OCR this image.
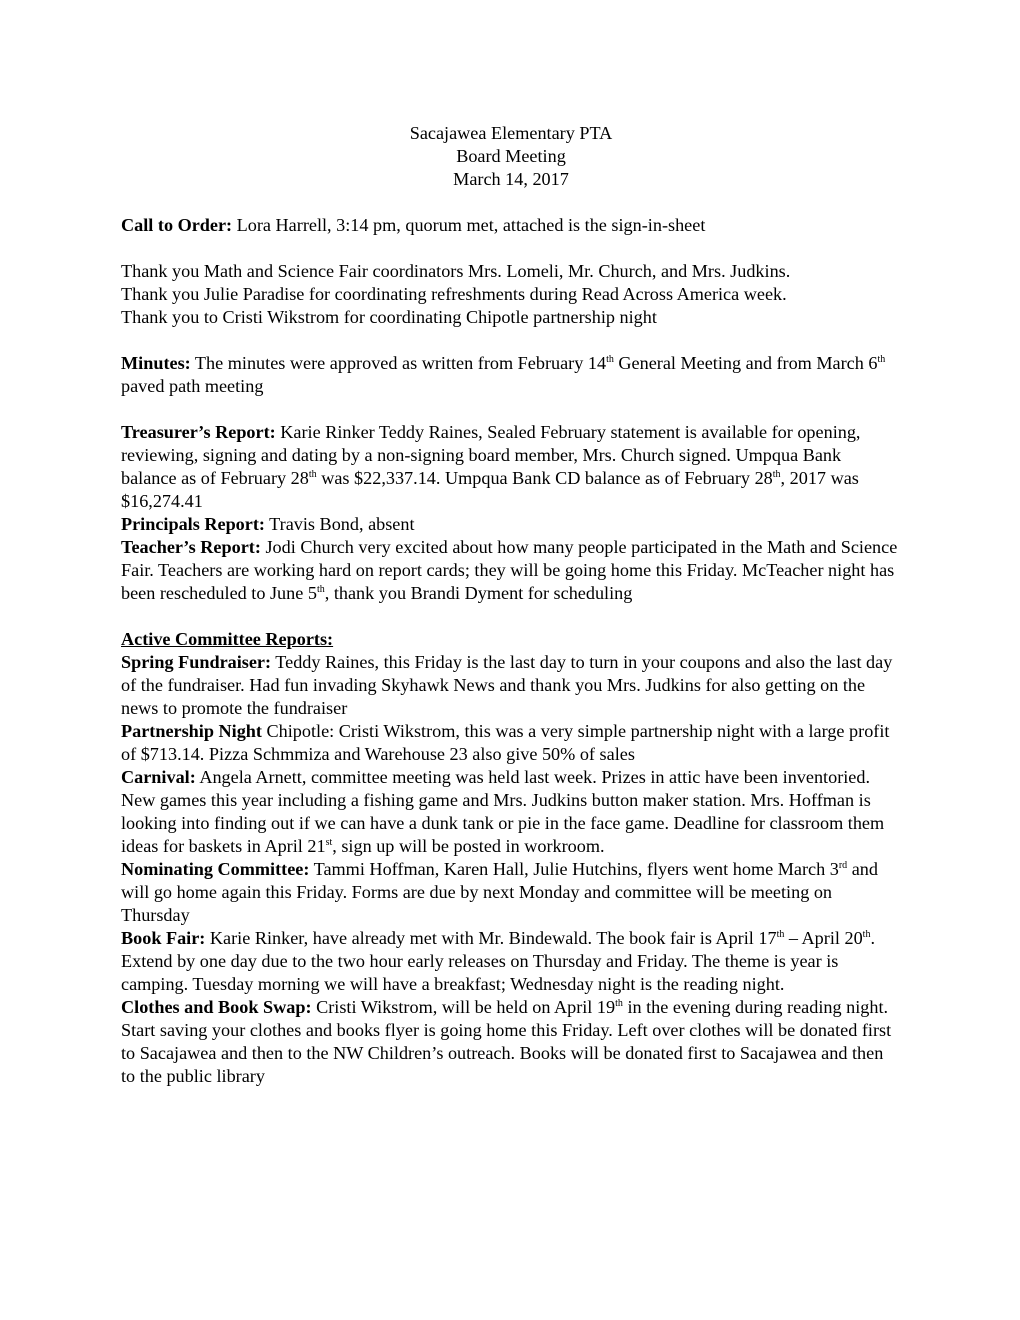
Sacajawea Elementary PTA

Board Meeting

March 14, 2017

Call to Order: Lora Harrell, 3:14 pm, quorum met, attached is the sign-in-sheet

Thank you Math and Science Fair coordinators Mrs. Lomeli, Mr. Church, and Mrs. Judkins.

Thank you Julie Paradise for coordinating refreshments during Read Across America week.

Thank you to Cristi Wikstrom for coordinating Chipotle partnership night

Minutes: The minutes were approved as written from February 14th General Meeting and from March 6th paved path meeting

Treasurer’s Report: Karie Rinker Teddy Raines, Sealed February statement is available for opening, reviewing, signing and dating by a non-signing board member, Mrs. Church signed. Umpqua Bank balance as of February 28th was $22,337.14. Umpqua Bank CD balance as of February 28th, 2017 was $16,274.41

Principals Report: Travis Bond, absent

Teacher’s Report: Jodi Church very excited about how many people participated in the Math and Science Fair. Teachers are working hard on report cards; they will be going home this Friday. McTeacher night has been rescheduled to June 5th, thank you Brandi Dyment for scheduling

Active Committee Reports:

Spring Fundraiser: Teddy Raines, this Friday is the last day to turn in your coupons and also the last day of the fundraiser. Had fun invading Skyhawk News and thank you Mrs. Judkins for also getting on the news to promote the fundraiser

Partnership Night Chipotle: Cristi Wikstrom, this was a very simple partnership night with a large profit of $713.14. Pizza Schmmiza and Warehouse 23 also give 50% of sales

Carnival: Angela Arnett, committee meeting was held last week. Prizes in attic have been inventoried. New games this year including a fishing game and Mrs. Judkins button maker station. Mrs. Hoffman is looking into finding out if we can have a dunk tank or pie in the face game. Deadline for classroom them ideas for baskets in April 21st, sign up will be posted in workroom.

Nominating Committee: Tammi Hoffman, Karen Hall, Julie Hutchins, flyers went home March 3rd and will go home again this Friday. Forms are due by next Monday and committee will be meeting on Thursday

Book Fair: Karie Rinker, have already met with Mr. Bindewald. The book fair is April 17th – April 20th. Extend by one day due to the two hour early releases on Thursday and Friday. The theme is year is camping. Tuesday morning we will have a breakfast; Wednesday night is the reading night.

Clothes and Book Swap: Cristi Wikstrom, will be held on April 19th in the evening during reading night. Start saving your clothes and books flyer is going home this Friday. Left over clothes will be donated first to Sacajawea and then to the NW Children’s outreach. Books will be donated first to Sacajawea and then to the public library
